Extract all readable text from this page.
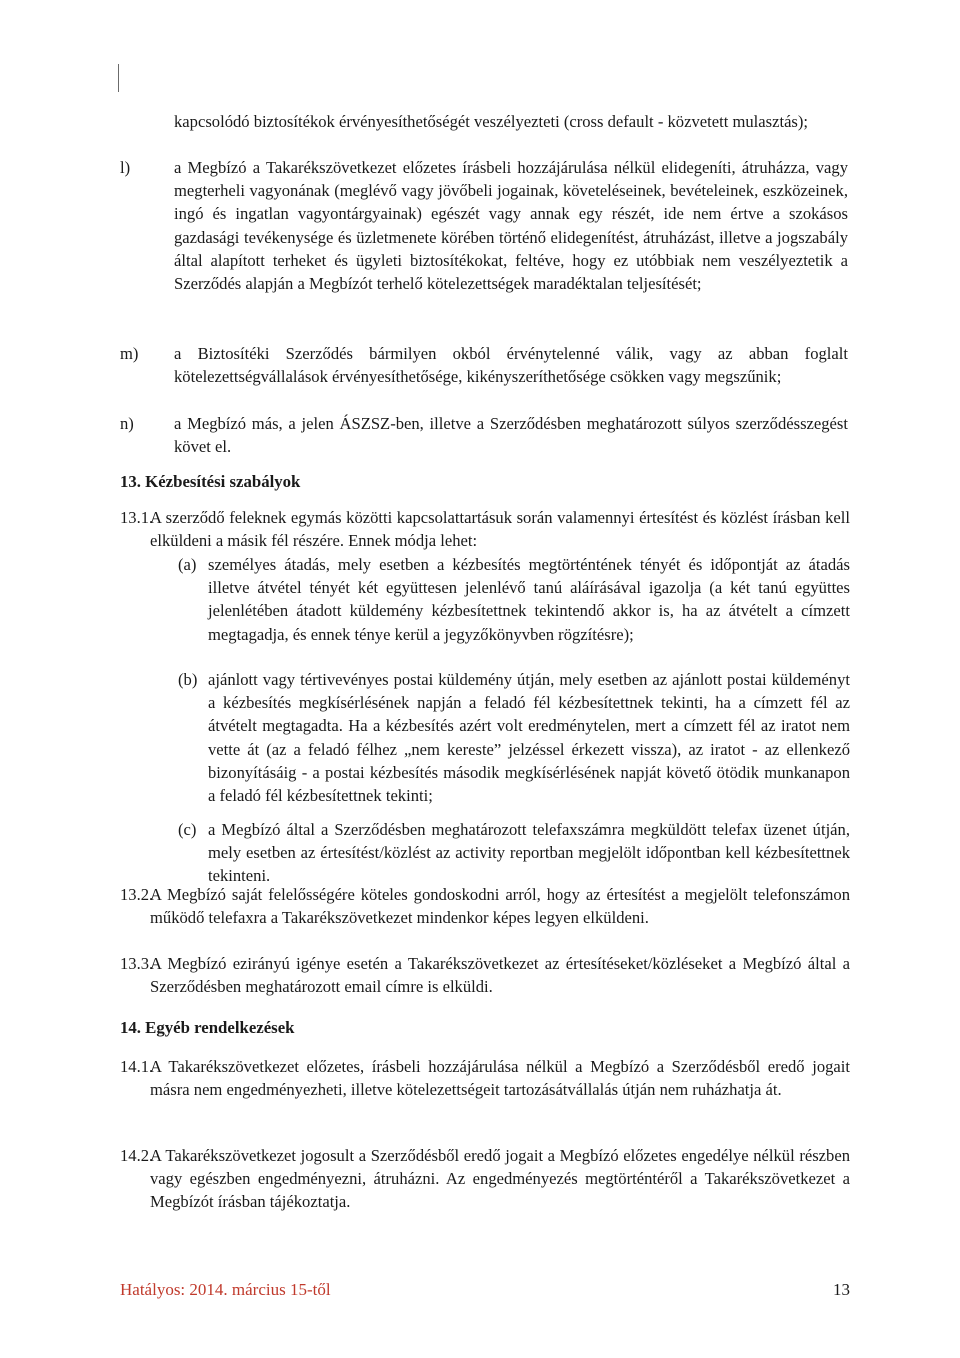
kapcsolódó biztosítékok érvényesíthetőségét veszélyezteti (cross default - közvetett mulasztás);
l)	a Megbízó a Takarékszövetkezet előzetes írásbeli hozzájárulása nélkül elidegeníti, átruházza, vagy megterheli vagyonának (meglévő vagy jövőbeli jogainak, követeléseinek, bevételeinek, eszközeinek, ingó és ingatlan vagyontárgyainak) egészét vagy annak egy részét, ide nem értve a szokásos gazdasági tevékenysége és üzletmenete körében történő elidegenítést, átruházást, illetve a jogszabály által alapított terheket és ügyleti biztosítékokat, feltéve, hogy ez utóbbiak nem veszélyeztetik a Szerződés alapján a Megbízót terhelő kötelezettségek maradéktalan teljesítését;
m) a Biztosítéki Szerződés bármilyen okból érvénytelenné válik, vagy az abban foglalt kötelezettségvállalások érvényesíthetősége, kikényszeríthetősége csökken vagy megszűnik;
n) a Megbízó más, a jelen ÁSZSZ-ben, illetve a Szerződésben meghatározott súlyos szerződésszegést követ el.
13. Kézbesítési szabályok
13.1.
A szerződő feleknek egymás közötti kapcsolattartásuk során valamennyi értesítést és közlést írásban kell elküldeni a másik fél részére. Ennek módja lehet:
(a) személyes átadás, mely esetben a kézbesítés megtörténtének tényét és időpontját az átadás illetve átvétel tényét két együttesen jelenlévő tanú aláírásával igazolja (a két tanú együttes jelenlétében átadott küldemény kézbesítettnek tekintendő akkor is, ha az átvételt a címzett megtagadja, és ennek ténye kerül a jegyzőkönyvben rögzítésre);
(b) ajánlott vagy tértivevényes postai küldemény útján, mely esetben az ajánlott postai küldeményt a kézbesítés megkísérlésének napján a feladó fél kézbesítettnek tekinti, ha a címzett fél az átvételt megtagadta. Ha a kézbesítés azért volt eredménytelen, mert a címzett fél az iratot nem vette át (az a feladó félhez „nem kereste” jelzéssel érkezett vissza), az iratot - az ellenkező bizonyításáig - a postai kézbesítés második megkísérlésének napját követő ötödik munkanapon a feladó fél kézbesítettnek tekinti;
(c) a Megbízó által a Szerződésben meghatározott telefaxszámra megküldött telefax üzenet útján, mely esetben az értesítést/közlést az activity reportban megjelölt időpontban kell kézbesítettnek tekinteni.
13.2.
A Megbízó saját felelősségére köteles gondoskodni arról, hogy az értesítést a megjelölt telefonszámon működő telefaxra a Takarékszövetkezet mindenkor képes legyen elküldeni.
13.3.
A Megbízó ezirányú igénye esetén a Takarékszövetkezet az értesítéseket/közléseket a Megbízó által a Szerződésben meghatározott email címre is elküldi.
14. Egyéb rendelkezések
14.1.
A Takarékszövetkezet előzetes, írásbeli hozzájárulása nélkül a Megbízó a Szerződésből eredő jogait másra nem engedményezheti, illetve kötelezettségeit tartozásátvállalás útján nem ruházhatja át.
14.2.
A Takarékszövetkezet jogosult a Szerződésből eredő jogait a Megbízó előzetes engedélye nélkül részben vagy egészben engedményezni, átruházni. Az engedményezés megtörténtéről a Takarékszövetkezet a Megbízót írásban tájékoztatja.
Hatályos: 2014. március 15-től	13
